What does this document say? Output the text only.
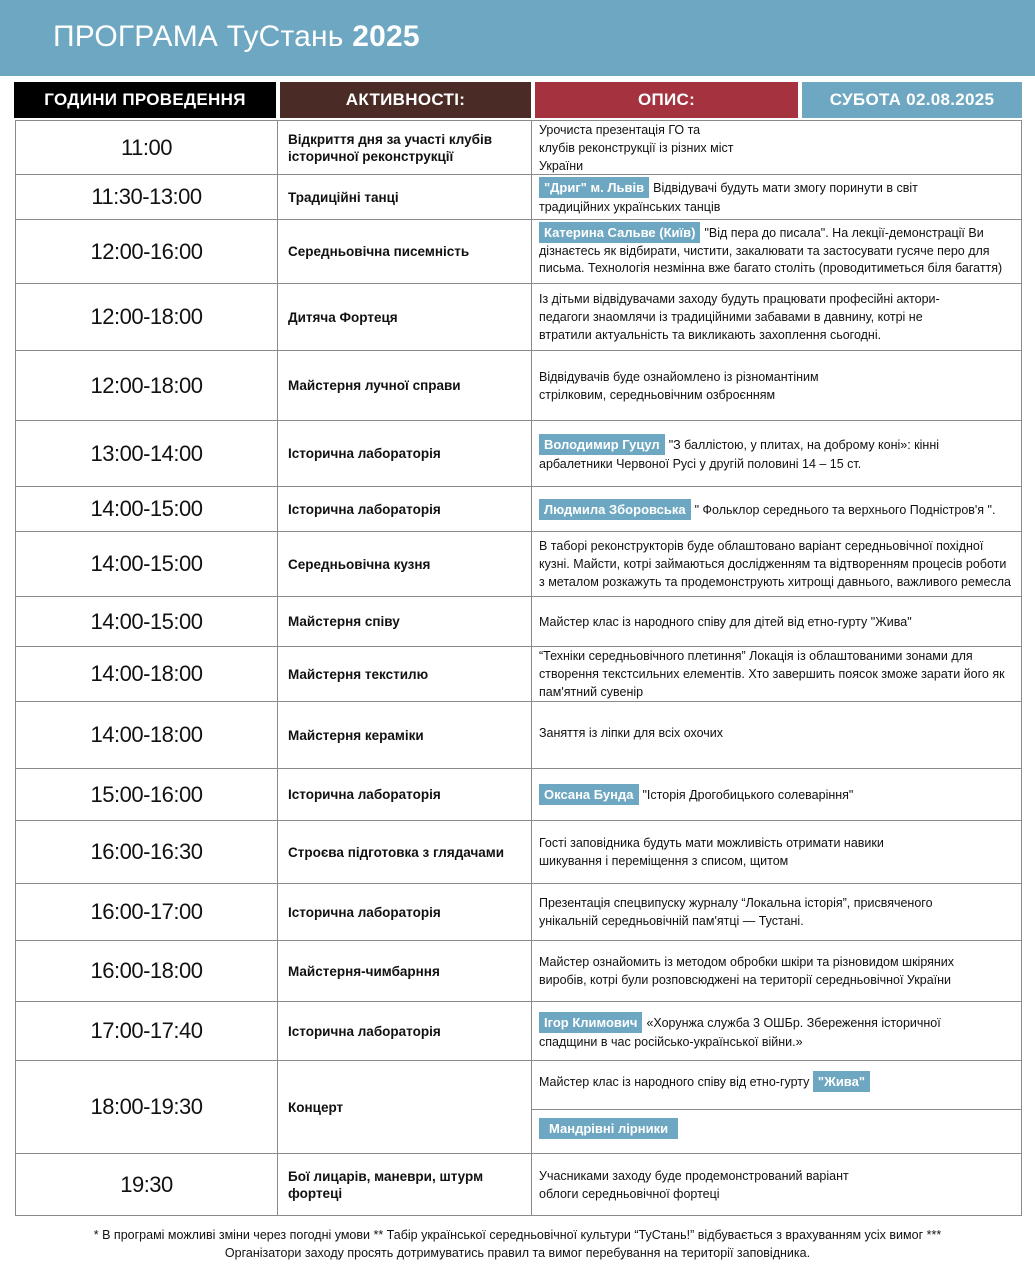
ПРОГРАМА ТуСтань 2025
ГОДИНИ ПРОВЕДЕННЯ	АКТИВНОСТІ:	ОПИС:	СУБОТА 02.08.2025
11:00	Відкриття дня за участі клубів історичної реконструкції
Урочиста презентація ГО та клубів реконструкції із різних міст України
11:30-13:00	Традиційні танці
"Дриг" м. Львів Відвідувачі будуть мати змогу поринути в світ традиційних українських танців
12:00-16:00	Середньовічна писемність
Катерина Сальве (Київ) "Від пера до писала". На лекції-демонстрації Ви дізнаєтесь як відбирати, чистити, закалювати та застосувати гусяче перо для письма. Технологія незмінна вже багато століть (проводитиметься біля багаття)
12:00-18:00	Дитяча Фортеця
Із дітьми відвідувачами заходу будуть працювати професійні актори-педагоги знаомлячи із традиційними забавами в давнину, котрі не втратили актуальність та викликають захоплення сьогодні.
12:00-18:00	Майстерня лучної справи
Відвідувачів буде ознайомлено із різномантіним стрілковим, середньовічним озброєнням
13:00-14:00	Історична лабораторія
Володимир Гуцул "З баллістою, у плитах, на доброму коні»: кінні арбалетники Червоної Русі у другій половині 14 – 15 ст.
14:00-15:00	Історична лабораторія	Людмила Зборовська " Фольклор середнього та верхнього Подністров'я ".
14:00-15:00	Середньовічна кузня
В таборі реконструкторів буде облаштовано варіант середньовічної похідної кузні. Майсти, котрі займаються дослідженням та відтворенням процесів роботи з металом розкажуть та продемонструють хитрощі давнього, важливого ремесла
14:00-15:00	Майстерня співу	Майстер клас із народного співу для дітей від етно-гурту "Жива"
14:00-18:00	Майстерня текстилю
“Техніки середньовічного плетиння” Локація із облаштованими зонами для створення текстсильних елементів. Хто завершить поясок зможе зарати його як пам'ятний сувенір
14:00-18:00	Майстерня кераміки	Заняття із ліпки для всіх охочих
15:00-16:00	Історична лабораторія	Оксана Бунда "Історія Дрогобицького солеваріння"
16:00-16:30	Строєва підготовка з глядачами
Гості заповідника будуть мати можливість отримати навики шикування і переміщення з списом, щитом
16:00-17:00	Історична лабораторія
Презентація спецвипуску журналу “Локальна історія”, присвяченого унікальній середньовічній пам'ятці — Тустані.
16:00-18:00	Майстерня-чимбарння
Майстер ознайомить із методом обробки шкіри та різновидом шкіряних виробів, котрі були розповсюджені на території середньовічної України
17:00-17:40	Історична лабораторія
Ігор Климович «Хорунжа служба 3 ОШБр. Збереження історичної спадщини в час російсько-української війни.»
18:00-19:30	Концерт
Майстер клас із народного співу від етно-гурту "Жива"
Мандрівні лірники
19:30	Бої лицарів, маневри, штурм фортеці
Учасниками заходу буде продемонстрований варіант облоги середньовічної фортеці
* В програмі можливі зміни через погодні умови ** Табір української середньовічної культури “ТуСтань!” відбувається з врахуванням усіх вимог ***
Організатори заходу просять дотримуватись правил та вимог перебування на території заповідника.
